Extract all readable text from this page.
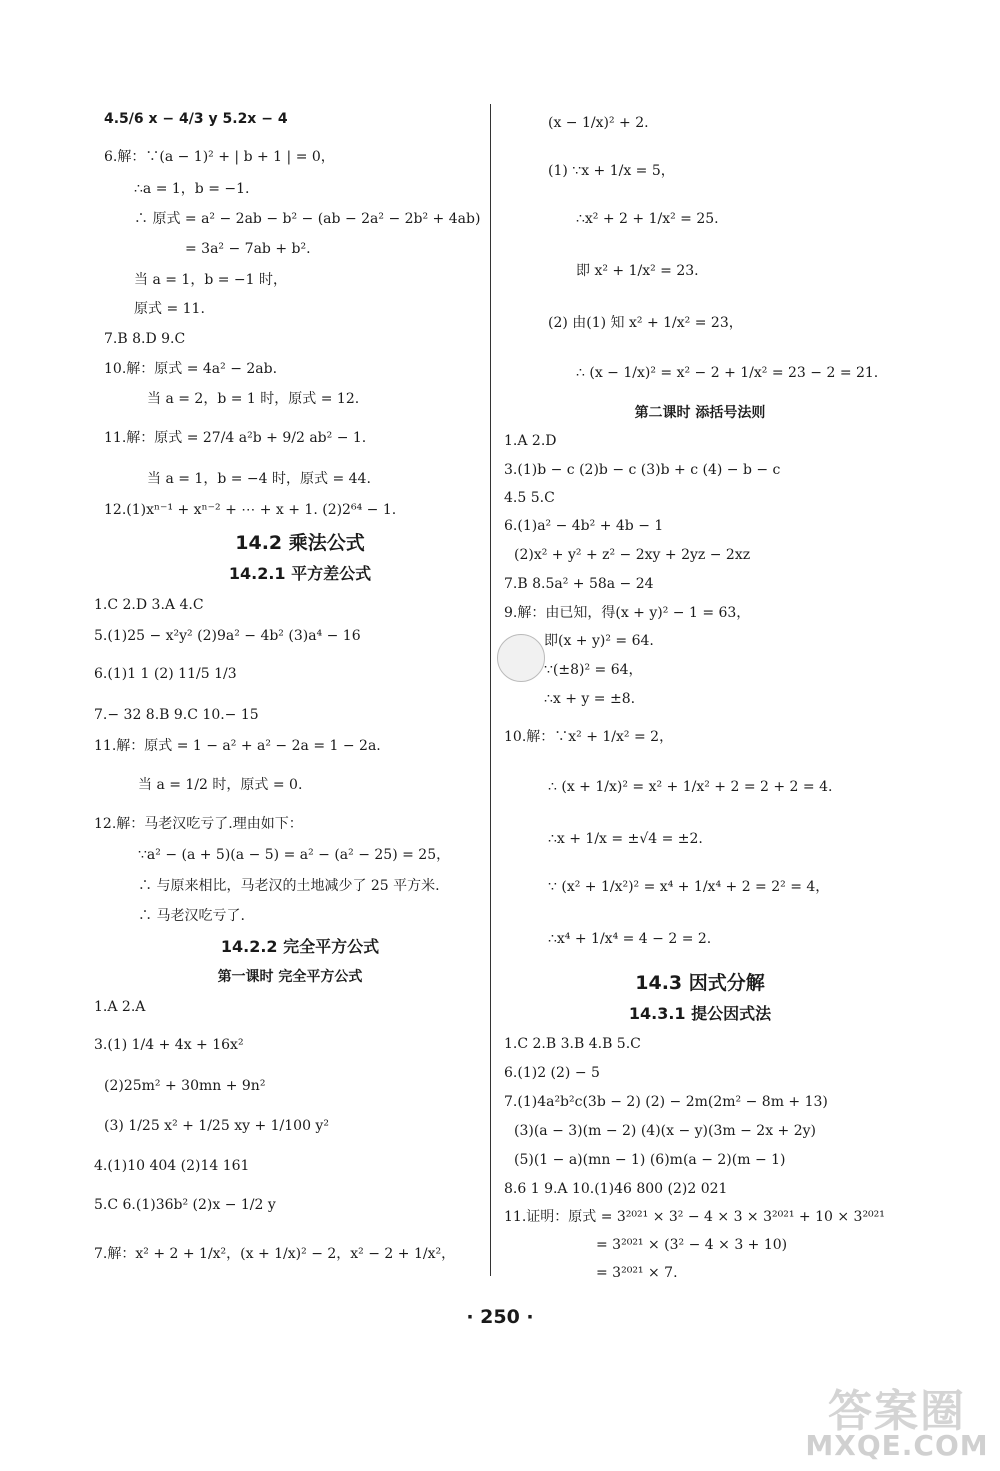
4.5/6 x − 4/3 y 5.2x − 4
6.解：∵(a − 1)² + | b + 1 | = 0，
∴a = 1，b = −1.
∴ 原式 = a² − 2ab − b² − (ab − 2a² − 2b² + 4ab)
= 3a² − 7ab + b².
当 a = 1，b = −1 时，
原式 = 11.
7.B 8.D 9.C
10.解：原式 = 4a² − 2ab.
当 a = 2，b = 1 时，原式 = 12.
11.解：原式 = 27/4 a²b + 9/2 ab² − 1.
当 a = 1，b = −4 时，原式 = 44.
12.(1)xⁿ⁻¹ + xⁿ⁻² + ⋯ + x + 1. (2)2⁶⁴ − 1.
14.2 乘法公式
14.2.1 平方差公式
1.C 2.D 3.A 4.C
5.(1)25 − x²y² (2)9a² − 4b² (3)a⁴ − 16
6.(1)1 1 (2) 11/5 1/3
7.− 32 8.B 9.C 10.− 15
11.解：原式 = 1 − a² + a² − 2a = 1 − 2a.
当 a = 1/2 时，原式 = 0.
12.解：马老汉吃亏了.理由如下：
∵a² − (a + 5)(a − 5) = a² − (a² − 25) = 25，
∴ 与原来相比，马老汉的土地减少了 25 平方米.
∴ 马老汉吃亏了.
14.2.2 完全平方公式
第一课时 完全平方公式
1.A 2.A
3.(1) 1/4 + 4x + 16x²
(2)25m² + 30mn + 9n²
(3) 1/25 x² + 1/25 xy + 1/100 y²
4.(1)10 404 (2)14 161
5.C 6.(1)36b² (2)x − 1/2 y
7.解：x² + 2 + 1/x²，(x + 1/x)² − 2，x² − 2 + 1/x²，
(x − 1/x)² + 2.
(1) ∵x + 1/x = 5，
∴x² + 2 + 1/x² = 25.
即 x² + 1/x² = 23.
(2) 由(1) 知 x² + 1/x² = 23，
∴ (x − 1/x)² = x² − 2 + 1/x² = 23 − 2 = 21.
第二课时 添括号法则
1.A 2.D
3.(1)b − c (2)b − c (3)b + c (4) − b − c
4.5 5.C
6.(1)a² − 4b² + 4b − 1
(2)x² + y² + z² − 2xy + 2yz − 2xz
7.B 8.5a² + 58a − 24
9.解：由已知，得(x + y)² − 1 = 63，
即(x + y)² = 64.
∵(±8)² = 64，
∴x + y = ±8.
10.解：∵x² + 1/x² = 2，
∴ (x + 1/x)² = x² + 1/x² + 2 = 2 + 2 = 4.
∴x + 1/x = ±√4 = ±2.
∵ (x² + 1/x²)² = x⁴ + 1/x⁴ + 2 = 2² = 4，
∴x⁴ + 1/x⁴ = 4 − 2 = 2.
14.3 因式分解
14.3.1 提公因式法
1.C 2.B 3.B 4.B 5.C
6.(1)2 (2) − 5
7.(1)4a²b²c(3b − 2) (2) − 2m(2m² − 8m + 13)
(3)(a − 3)(m − 2) (4)(x − y)(3m − 2x + 2y)
(5)(1 − a)(mn − 1) (6)m(a − 2)(m − 1)
8.6 1 9.A 10.(1)46 800 (2)2 021
11.证明：原式 = 3²⁰²¹ × 3² − 4 × 3 × 3²⁰²¹ + 10 × 3²⁰²¹
= 3²⁰²¹ × (3² − 4 × 3 + 10)
= 3²⁰²¹ × 7.
· 250 ·
答案圈
MXQE.COM
